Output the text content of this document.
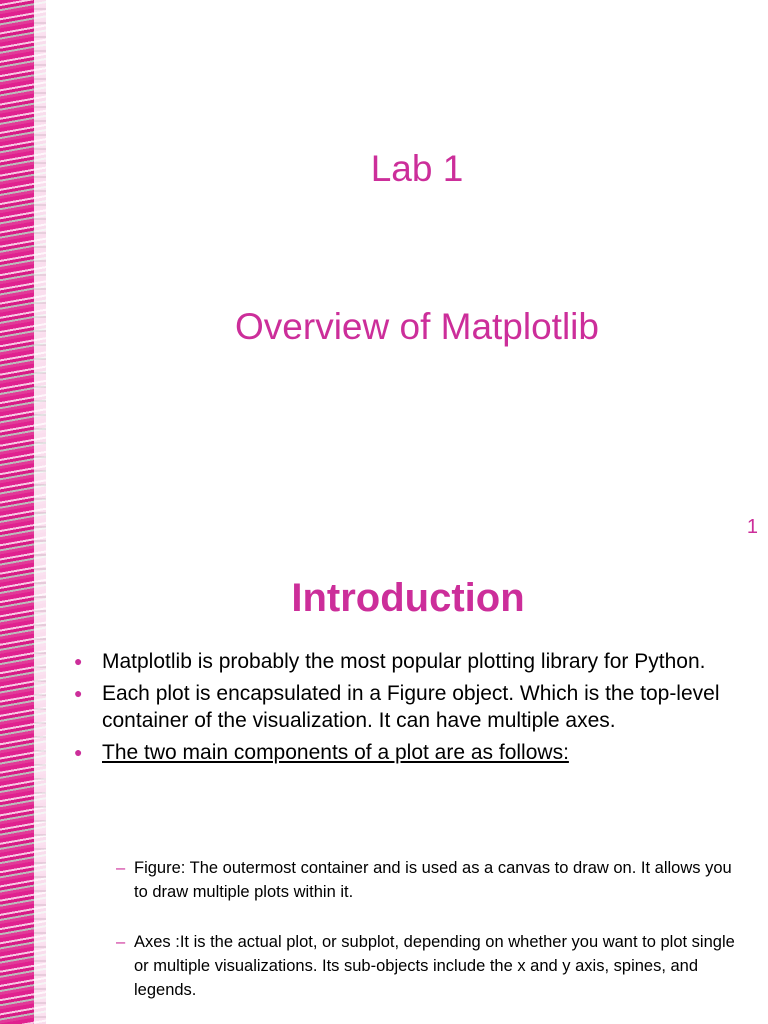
Lab 1
Overview of Matplotlib
1
Introduction
● Matplotlib is probably the most popular plotting library for Python.
● Each plot is encapsulated in a Figure object. Which is the top-level container of the visualization. It can have multiple axes.
● The two main components of a plot are as follows:
– Figure: The outermost container and is used as a canvas to draw on. It allows you to draw multiple plots within it.
– Axes :It is the actual plot, or subplot, depending on whether you want to plot single or multiple visualizations. Its sub-objects include the x and y axis, spines, and legends.
